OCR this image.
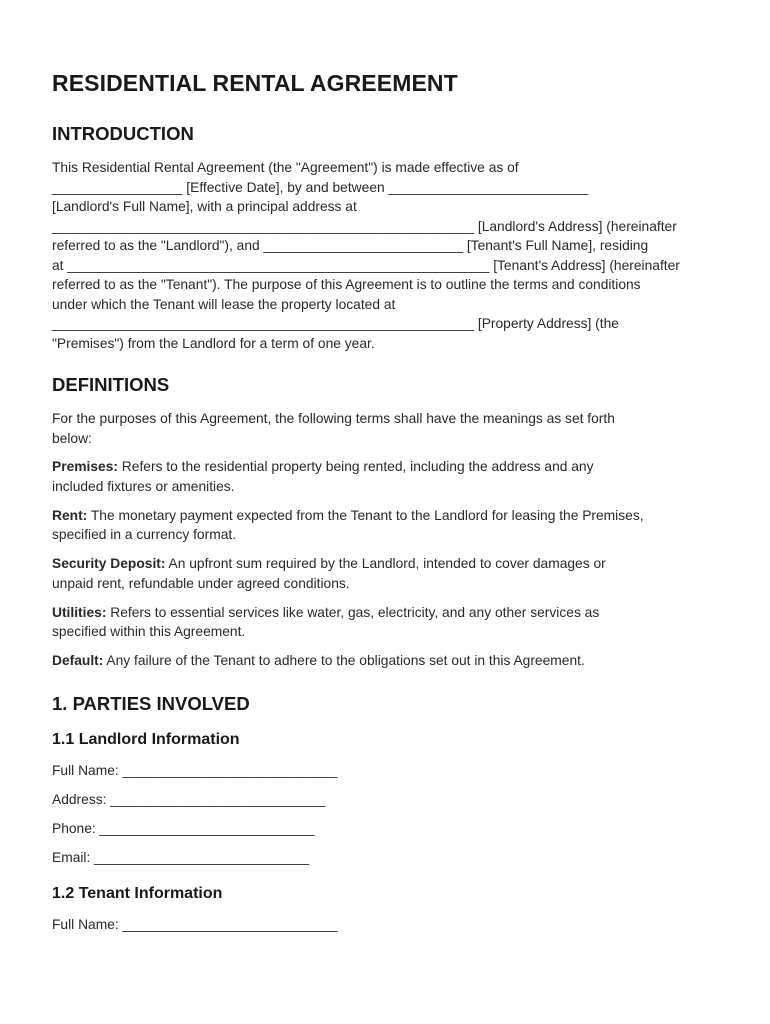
RESIDENTIAL RENTAL AGREEMENT
INTRODUCTION

This Residential Rental Agreement (the "Agreement") is made effective as of
_________________ [Effective Date], by and between __________________________
[Landlord's Full Name], with a principal address at
_______________________________________________________ [Landlord's Address] (hereinafter
referred to as the "Landlord"), and __________________________ [Tenant's Full Name], residing
at _______________________________________________________ [Tenant's Address] (hereinafter
referred to as the "Tenant"). The purpose of this Agreement is to outline the terms and conditions
under which the Tenant will lease the property located at
_______________________________________________________ [Property Address] (the
"Premises") from the Landlord for a term of one year.

DEFINITIONS

For the purposes of this Agreement, the following terms shall have the meanings as set forth
below:

Premises: Refers to the residential property being rented, including the address and any
included fixtures or amenities.

Rent: The monetary payment expected from the Tenant to the Landlord for leasing the Premises,
specified in a currency format.

Security Deposit: An upfront sum required by the Landlord, intended to cover damages or
unpaid rent, refundable under agreed conditions.

Utilities: Refers to essential services like water, gas, electricity, and any other services as
specified within this Agreement.

Default: Any failure of the Tenant to adhere to the obligations set out in this Agreement.

1. PARTIES INVOLVED
1.1 Landlord Information
Full Name: ____________________________
Address: ____________________________
Phone: ____________________________
Email: ____________________________
1.2 Tenant Information
Full Name: ____________________________
